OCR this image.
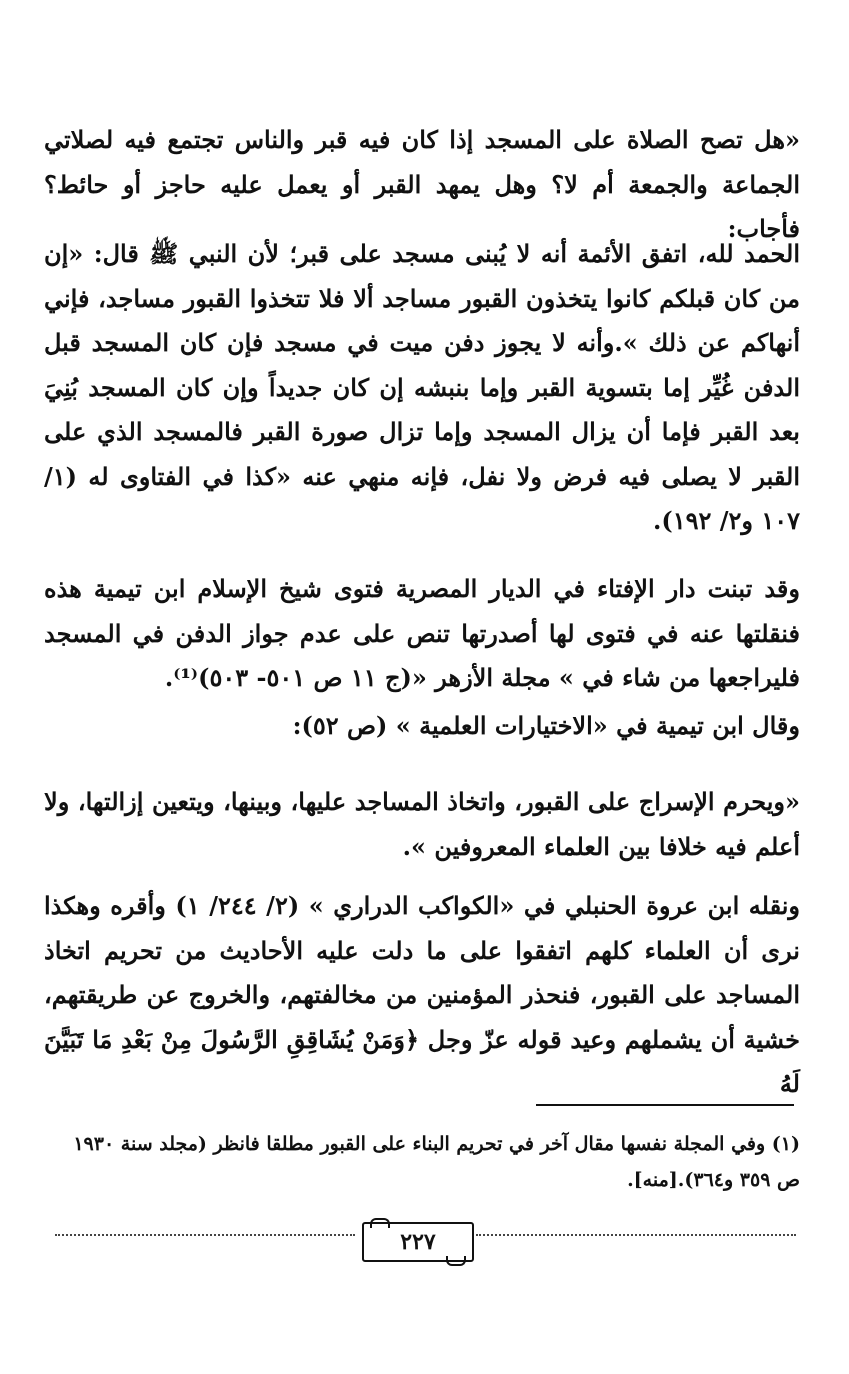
«هل تصح الصلاة على المسجد إذا كان فيه قبر والناس تجتمع فيه لصلاتي الجماعة والجمعة أم لا؟ وهل يمهد القبر أو يعمل عليه حاجز أو حائط؟ فأجاب:

الحمد لله، اتفق الأئمة أنه لا يُبنى مسجد على قبر؛ لأن النبي ﷺ قال: «إن من كان قبلكم كانوا يتخذون القبور مساجد ألا فلا تتخذوا القبور مساجد، فإني أنهاكم عن ذلك ».وأنه لا يجوز دفن ميت في مسجد فإن كان المسجد قبل الدفن غُيِّر إما بتسوية القبر وإما بنبشه إن كان جديداً وإن كان المسجد بُنِيَ بعد القبر فإما أن يزال المسجد وإما تزال صورة القبر فالمسجد الذي على القبر لا يصلى فيه فرض ولا نفل، فإنه منهي عنه «كذا في الفتاوى له (١/ ١٠٧ و٢/ ١٩٢).

وقد تبنت دار الإفتاء في الديار المصرية فتوى شيخ الإسلام ابن تيمية هذه فنقلتها عنه في فتوى لها أصدرتها تنص على عدم جواز الدفن في المسجد فليراجعها من شاء في » مجلة الأزهر «(ج ١١ ص ٥٠١- ٥٠٣)⁽¹⁾.

وقال ابن تيمية في «الاختيارات العلمية » (ص ٥٢):

«ويحرم الإسراج على القبور، واتخاذ المساجد عليها، وبينها، ويتعين إزالتها، ولا أعلم فيه خلافا بين العلماء المعروفين ».

ونقله ابن عروة الحنبلي في «الكواكب الدراري » (٢/ ٢٤٤/ ١) وأقره وهكذا نرى أن العلماء كلهم اتفقوا على ما دلت عليه الأحاديث من تحريم اتخاذ المساجد على القبور، فنحذر المؤمنين من مخالفتهم، والخروج عن طريقتهم، خشية أن يشملهم وعيد قوله عزّ وجل ﴿وَمَنْ يُشَاقِقِ الرَّسُولَ مِنْ بَعْدِ مَا تَبَيَّنَ لَهُ

(١) وفي المجلة نفسها مقال آخر في تحريم البناء على القبور مطلقا فانظر (مجلد سنة ١٩٣٠ ص ٣٥٩ و٣٦٤).[منه].

٢٢٧
